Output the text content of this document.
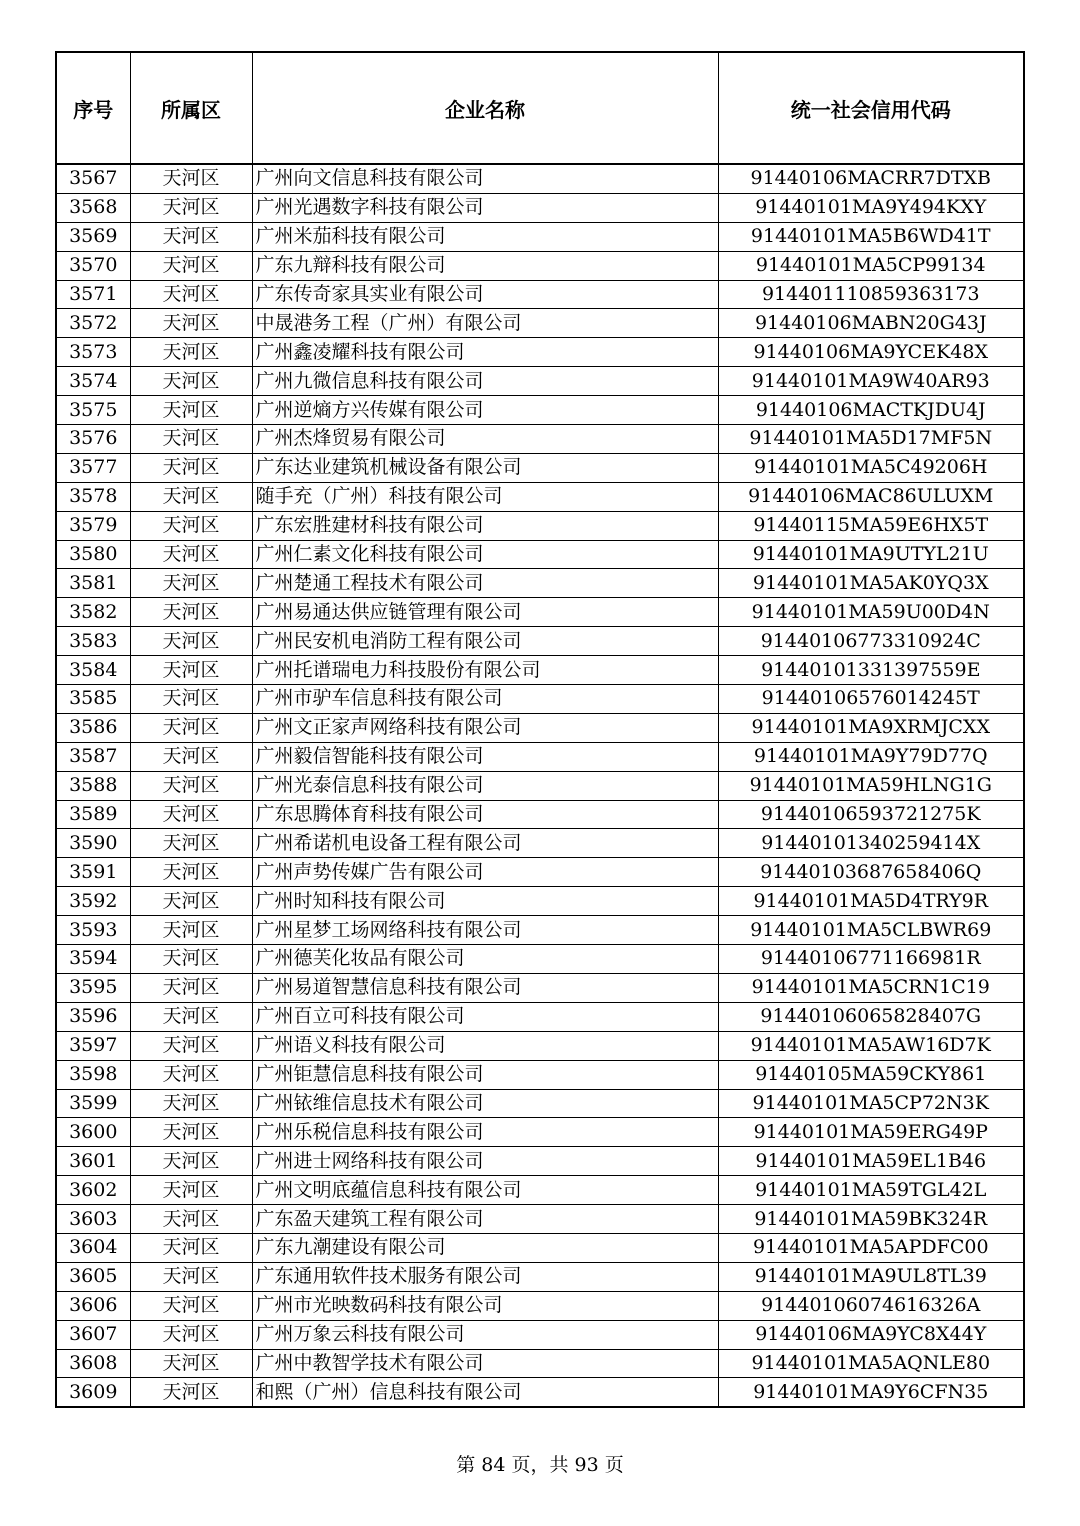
序号	所属区	企业名称	统一社会信用代码
3567	天河区	广州向文信息科技有限公司	91440106MACRR7DTXB
3568	天河区	广州光遇数字科技有限公司	91440101MA9Y494KXY
3569	天河区	广州米茄科技有限公司	91440101MA5B6WD41T
3570	天河区	广东九辩科技有限公司	91440101MA5CP99134
3571	天河区	广东传奇家具实业有限公司	914401110859363173
3572	天河区	中晟港务工程（广州）有限公司	91440106MABN20G43J
3573	天河区	广州鑫凌耀科技有限公司	91440106MA9YCEK48X
3574	天河区	广州九微信息科技有限公司	91440101MA9W40AR93
3575	天河区	广州逆熵方兴传媒有限公司	91440106MACTKJDU4J
3576	天河区	广州杰烽贸易有限公司	91440101MA5D17MF5N
3577	天河区	广东达业建筑机械设备有限公司	91440101MA5C49206H
3578	天河区	随手充（广州）科技有限公司	91440106MAC86ULUXM
3579	天河区	广东宏胜建材科技有限公司	91440115MA59E6HX5T
3580	天河区	广州仁素文化科技有限公司	91440101MA9UTYL21U
3581	天河区	广州楚通工程技术有限公司	91440101MA5AK0YQ3X
3582	天河区	广州易通达供应链管理有限公司	91440101MA59U00D4N
3583	天河区	广州民安机电消防工程有限公司	91440106773310924C
3584	天河区	广州托谱瑞电力科技股份有限公司	91440101331397559E
3585	天河区	广州市驴车信息科技有限公司	91440106576014245T
3586	天河区	广州文正家声网络科技有限公司	91440101MA9XRMJCXX
3587	天河区	广州毅信智能科技有限公司	91440101MA9Y79D77Q
3588	天河区	广州光泰信息科技有限公司	91440101MA59HLNG1G
3589	天河区	广东思腾体育科技有限公司	91440106593721275K
3590	天河区	广州希诺机电设备工程有限公司	91440101340259414X
3591	天河区	广州声势传媒广告有限公司	91440103687658406Q
3592	天河区	广州时知科技有限公司	91440101MA5D4TRY9R
3593	天河区	广州星梦工场网络科技有限公司	91440101MA5CLBWR69
3594	天河区	广州德芙化妆品有限公司	91440106771166981R
3595	天河区	广州易道智慧信息科技有限公司	91440101MA5CRN1C19
3596	天河区	广州百立可科技有限公司	91440106065828407G
3597	天河区	广州语义科技有限公司	91440101MA5AW16D7K
3598	天河区	广州钜慧信息科技有限公司	91440105MA59CKY861
3599	天河区	广州铱维信息技术有限公司	91440101MA5CP72N3K
3600	天河区	广州乐税信息科技有限公司	91440101MA59ERG49P
3601	天河区	广州进士网络科技有限公司	91440101MA59EL1B46
3602	天河区	广州文明底蕴信息科技有限公司	91440101MA59TGL42L
3603	天河区	广东盈天建筑工程有限公司	91440101MA59BK324R
3604	天河区	广东九潮建设有限公司	91440101MA5APDFC00
3605	天河区	广东通用软件技术服务有限公司	91440101MA9UL8TL39
3606	天河区	广州市光映数码科技有限公司	91440106074616326A
3607	天河区	广州万象云科技有限公司	91440106MA9YC8X44Y
3608	天河区	广州中教智学技术有限公司	91440101MA5AQNLE80
3609	天河区	和熙（广州）信息科技有限公司	91440101MA9Y6CFN35
第 84 页，共 93 页
